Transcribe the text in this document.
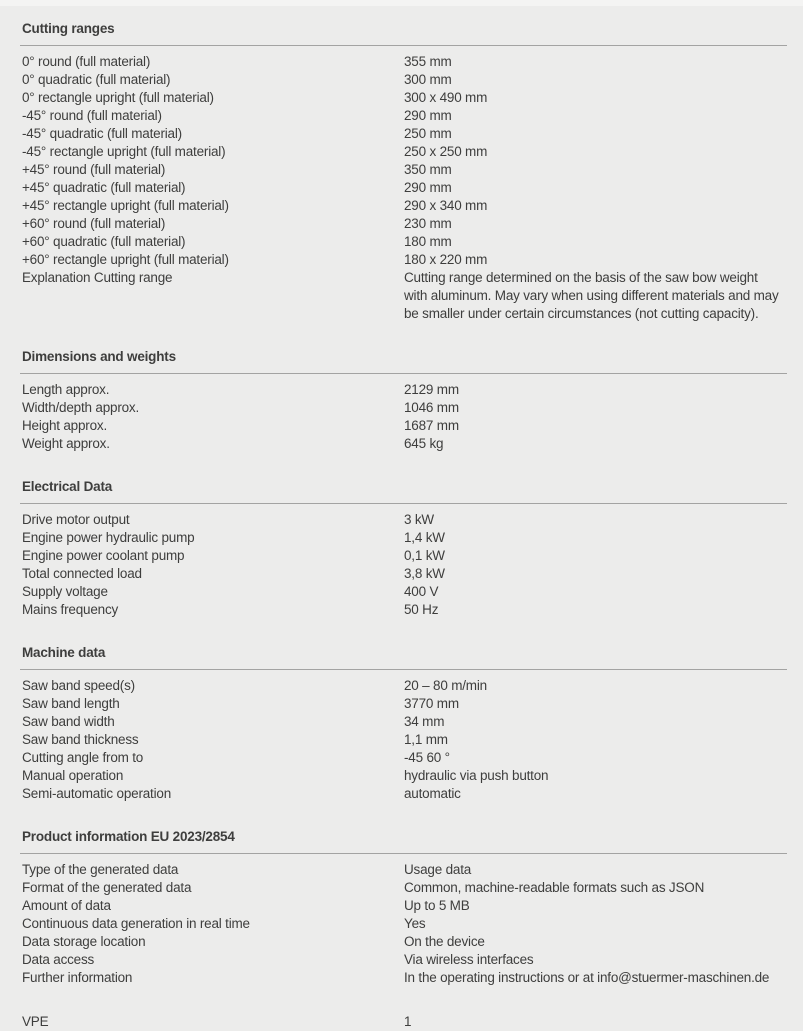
Cutting ranges
0° round (full material)	355 mm
0° quadratic (full material)	300 mm
0° rectangle upright (full material)	300 x 490 mm
-45° round (full material)	290 mm
-45° quadratic (full material)	250 mm
-45° rectangle upright (full material)	250 x 250 mm
+45° round (full material)	350 mm
+45° quadratic (full material)	290 mm
+45° rectangle upright (full material)	290 x 340 mm
+60° round (full material)	230 mm
+60° quadratic (full material)	180 mm
+60° rectangle upright (full material)	180 x 220 mm
Explanation Cutting range	Cutting range determined on the basis of the saw bow weight with aluminum. May vary when using different materials and may be smaller under certain circumstances (not cutting capacity).
Dimensions and weights
Length approx.	2129 mm
Width/depth approx.	1046 mm
Height approx.	1687 mm
Weight approx.	645 kg
Electrical Data
Drive motor output	3 kW
Engine power hydraulic pump	1,4 kW
Engine power coolant pump	0,1 kW
Total connected load	3,8 kW
Supply voltage	400 V
Mains frequency	50 Hz
Machine data
Saw band speed(s)	20 – 80 m/min
Saw band length	3770 mm
Saw band width	34 mm
Saw band thickness	1,1 mm
Cutting angle from to	-45 60 °
Manual operation	hydraulic via push button
Semi-automatic operation	automatic
Product information EU 2023/2854
Type of the generated data	Usage data
Format of the generated data	Common, machine-readable formats such as JSON
Amount of data	Up to 5 MB
Continuous data generation in real time	Yes
Data storage location	On the device
Data access	Via wireless interfaces
Further information	In the operating instructions or at info@stuermer-maschinen.de
VPE	1
